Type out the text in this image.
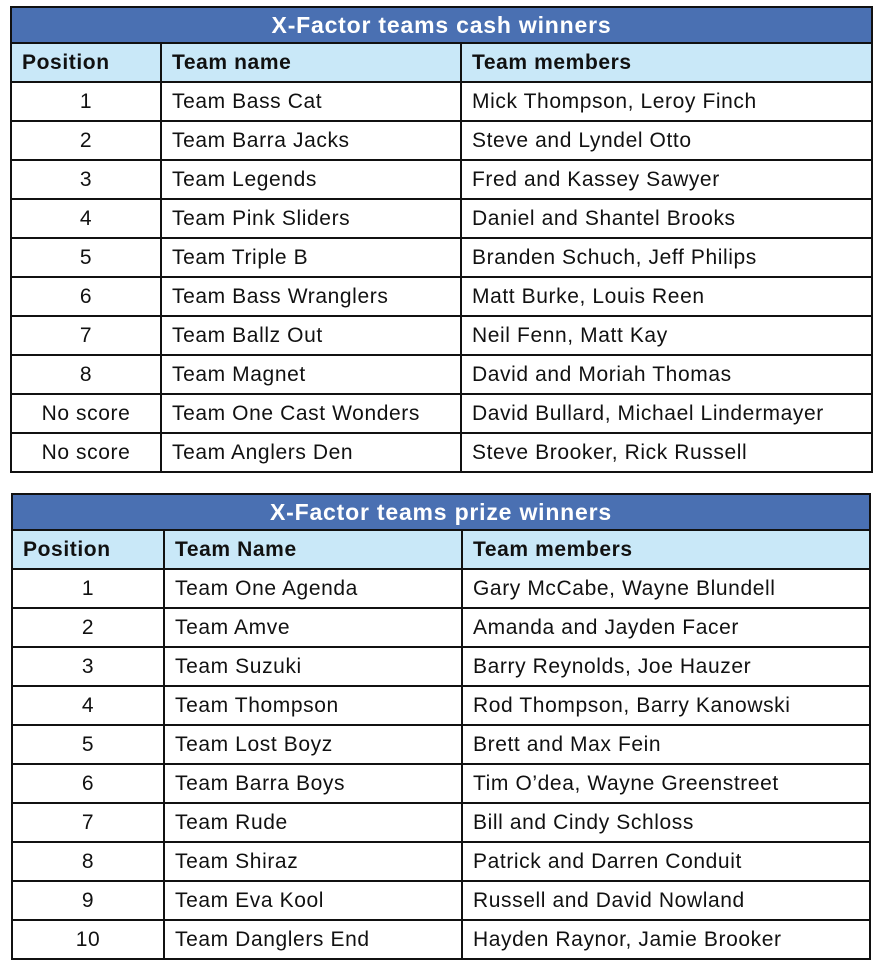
X-Factor teams cash winners		
Position	Team name	Team members
1	Team Bass Cat	Mick Thompson, Leroy Finch
2	Team Barra Jacks	Steve and Lyndel Otto
3	Team Legends	Fred and Kassey Sawyer
4	Team Pink Sliders	Daniel and Shantel Brooks
5	Team Triple B	Branden Schuch, Jeff Philips
6	Team Bass Wranglers	Matt Burke, Louis Reen
7	Team Ballz Out	Neil Fenn, Matt Kay
8	Team Magnet	David and Moriah Thomas
No score	Team One Cast Wonders	David Bullard, Michael Lindermayer
No score	Team Anglers Den	Steve Brooker, Rick Russell
X-Factor teams prize winners		
Position	Team Name	Team members
1	Team One Agenda	Gary McCabe, Wayne Blundell
2	Team Amve	Amanda and Jayden Facer
3	Team Suzuki	Barry Reynolds, Joe Hauzer
4	Team Thompson	Rod Thompson, Barry Kanowski
5	Team Lost Boyz	Brett and Max Fein
6	Team Barra Boys	Tim O’dea, Wayne Greenstreet
7	Team Rude	Bill and Cindy Schloss
8	Team Shiraz	Patrick and Darren Conduit
9	Team Eva Kool	Russell and David Nowland
10	Team Danglers End	Hayden Raynor, Jamie Brooker
